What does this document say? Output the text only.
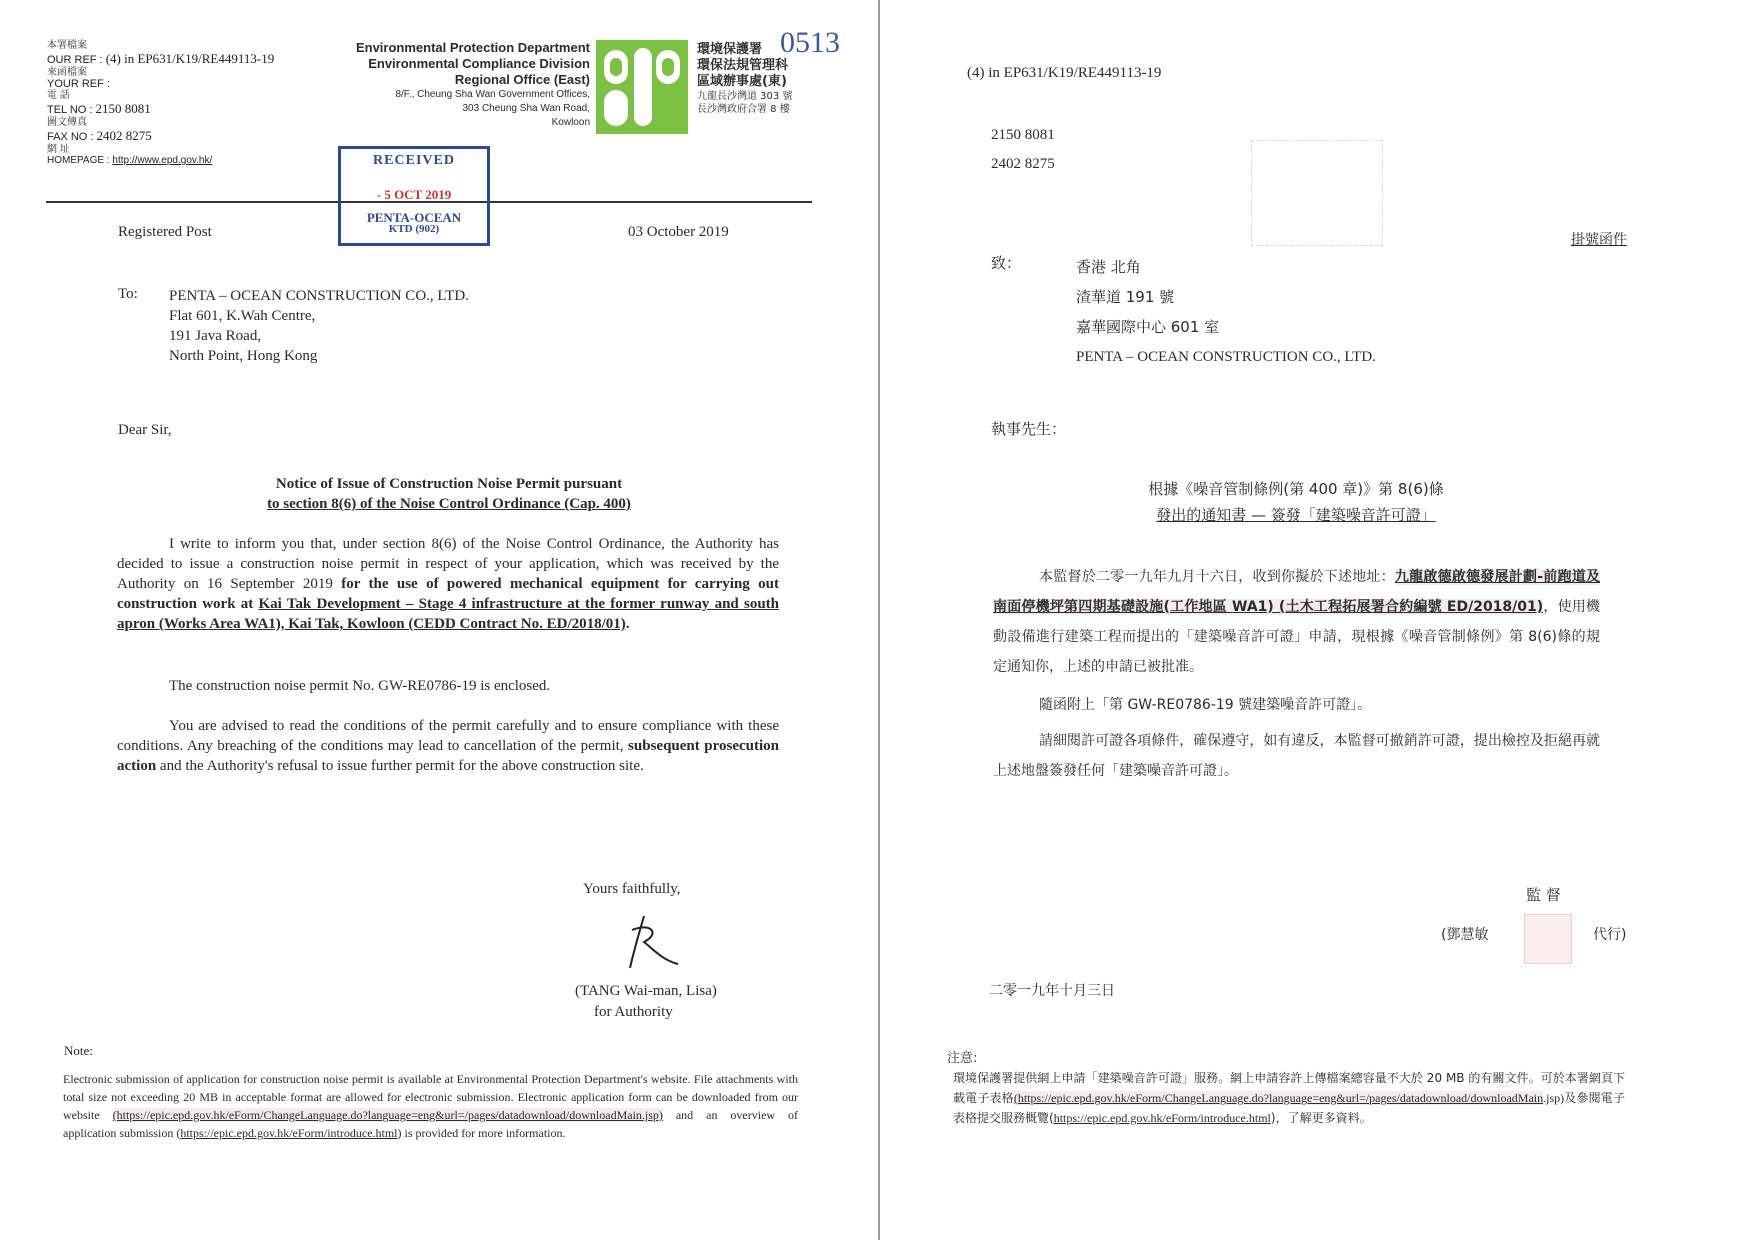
本署檔案
OUR REF : (4) in EP631/K19/RE449113-19
來函檔案
YOUR REF :
電 話
TEL NO : 2150 8081
圖文傳真
FAX NO : 2402 8275
網 址
HOMEPAGE : http://www.epd.gov.hk/
Environmental Protection Department
Environmental Compliance Division
Regional Office (East)
8/F., Cheung Sha Wan Government Offices,
303 Cheung Sha Wan Road,
Kowloon
環境保護署
環保法規管理科
區域辦事處(東)
九龍長沙灣道 303 號
長沙灣政府合署 8 樓
0513
RECEIVED
- 5 OCT 2019
PENTA-OCEAN
KTD (902)
Registered Post	03 October 2019
To: PENTA – OCEAN CONSTRUCTION CO., LTD.
Flat 601, K.Wah Centre,
191 Java Road,
North Point, Hong Kong
Dear Sir,
Notice of Issue of Construction Noise Permit pursuant
to section 8(6) of the Noise Control Ordinance (Cap. 400)
I write to inform you that, under section 8(6) of the Noise Control Ordinance, the Authority has decided to issue a construction noise permit in respect of your application, which was received by the Authority on 16 September 2019 for the use of powered mechanical equipment for carrying out construction work at Kai Tak Development – Stage 4 infrastructure at the former runway and south apron (Works Area WA1), Kai Tak, Kowloon (CEDD Contract No. ED/2018/01).
The construction noise permit No. GW-RE0786-19 is enclosed.
You are advised to read the conditions of the permit carefully and to ensure compliance with these conditions. Any breaching of the conditions may lead to cancellation of the permit, subsequent prosecution action and the Authority's refusal to issue further permit for the above construction site.
Yours faithfully,
(TANG Wai-man, Lisa)
for Authority
Note:
Electronic submission of application for construction noise permit is available at Environmental Protection Department's website. File attachments with total size not exceeding 20 MB in acceptable format are allowed for electronic submission. Electronic application form can be downloaded from our website (https://epic.epd.gov.hk/eForm/ChangeLanguage.do?language=eng&url=/pages/datadownload/downloadMain.jsp) and an overview of application submission (https://epic.epd.gov.hk/eForm/introduce.html) is provided for more information.
(4) in EP631/K19/RE449113-19
2150 8081
2402 8275
掛號函件
致：	香港 北角
渣華道 191 號
嘉華國際中心 601 室
PENTA – OCEAN CONSTRUCTION CO., LTD.
執事先生：
根據《噪音管制條例(第 400 章)》第 8(6)條
發出的通知書 — 簽發「建築噪音許可證」
本監督於二零一九年九月十六日，收到你擬於下述地址：九龍啟德啟德發展計劃-前跑道及南面停機坪第四期基礎設施(工作地區 WA1) (土木工程拓展署合約編號 ED/2018/01)，使用機動設備進行建築工程而提出的「建築噪音許可證」申請，現根據《噪音管制條例》第 8(6)條的規定通知你，上述的申請已被批准。
隨函附上「第 GW-RE0786-19 號建築噪音許可證」。
請細閱許可證各項條件，確保遵守，如有違反，本監督可撤銷許可證，提出檢控及拒絕再就上述地盤簽發任何「建築噪音許可證」。
監 督
(鄧慧敏	代行)
二零一九年十月三日
注意:
環境保護署提供網上申請「建築噪音許可證」服務。網上申請容許上傳檔案總容量不大於 20 MB 的有關文件。可於本署網頁下載電子表格(https://epic.epd.gov.hk/eForm/ChangeLanguage.do?language=eng&url=/pages/datadownload/downloadMain.jsp)及參閱電子表格提交服務概覽(https://epic.epd.gov.hk/eForm/introduce.html)，了解更多資料。
